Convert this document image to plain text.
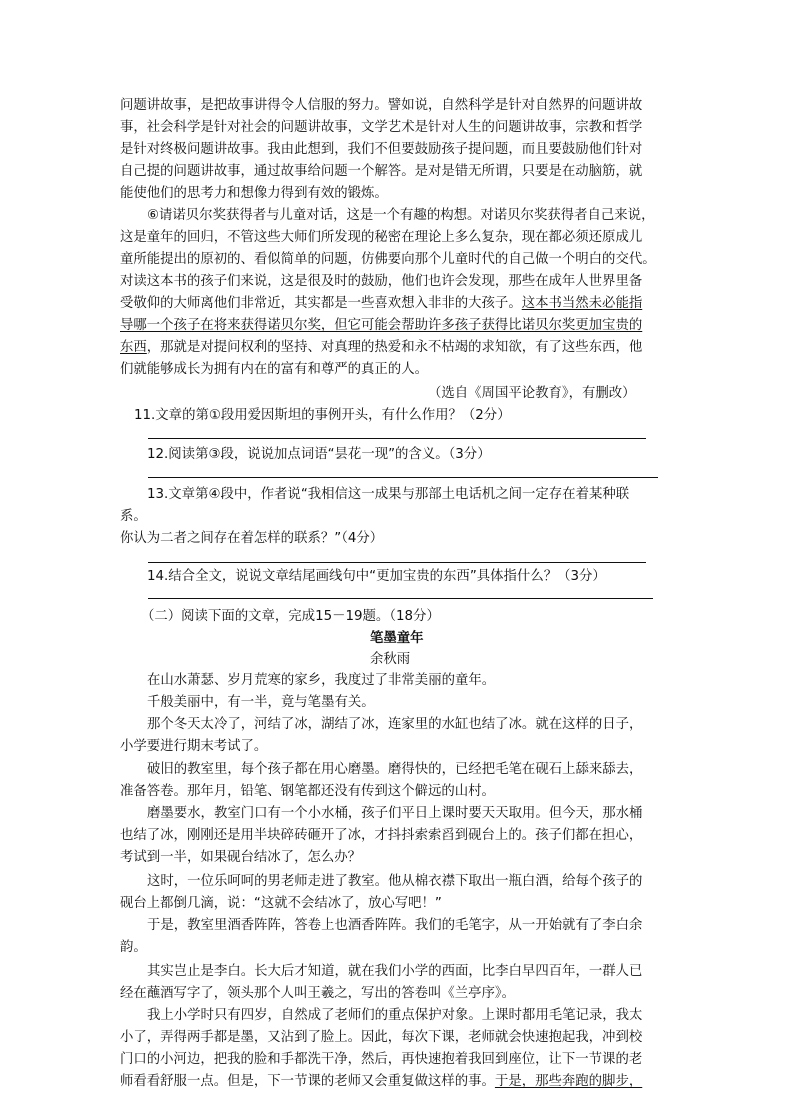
问题讲故事，是把故事讲得令人信服的努力。譬如说，自然科学是针对自然界的问题讲故
事，社会科学是针对社会的问题讲故事，文学艺术是针对人生的问题讲故事，宗教和哲学
是针对终极问题讲故事。我由此想到，我们不但要鼓励孩子提问题，而且要鼓励他们针对
自己提的问题讲故事，通过故事给问题一个解答。是对是错无所谓，只要是在动脑筋，就
能使他们的思考力和想像力得到有效的锻炼。
⑥请诺贝尔奖获得者与儿童对话，这是一个有趣的构想。对诺贝尔奖获得者自己来说，
这是童年的回归，不管这些大师们所发现的秘密在理论上多么复杂，现在都必须还原成儿
童所能提出的原初的、看似简单的问题，仿佛要向那个儿童时代的自己做一个明白的交代。
对读这本书的孩子们来说，这是很及时的鼓励，他们也许会发现，那些在成年人世界里备
受敬仰的大师离他们非常近，其实都是一些喜欢想入非非的大孩子。这本书当然未必能指
导哪一个孩子在将来获得诺贝尔奖，但它可能会帮助许多孩子获得比诺贝尔奖更加宝贵的
东西，那就是对提问权利的坚持、对真理的热爱和永不枯竭的求知欲，有了这些东西，他
们就能够成长为拥有内在的富有和尊严的真正的人。
（选自《周国平论教育》，有删改）
11.文章的第①段用爱因斯坦的事例开头，有什么作用？（2分）
12.阅读第③段，说说加点词语“昙花一现”的含义。（3分）
13.文章第④段中，作者说“我相信这一成果与那部土电话机之间一定存在着某种联
系。
你认为二者之间存在着怎样的联系？”（4分）
14.结合全文，说说文章结尾画线句中“更加宝贵的东西”具体指什么？（3分）
（二）阅读下面的文章，完成15－19题。（18分）
笔墨童年
余秋雨
在山水萧瑟、岁月荒寒的家乡，我度过了非常美丽的童年。
千般美丽中，有一半，竟与笔墨有关。
那个冬天太冷了，河结了冰，湖结了冰，连家里的水缸也结了冰。就在这样的日子，
小学要进行期末考试了。
破旧的教室里，每个孩子都在用心磨墨。磨得快的，已经把毛笔在砚石上舔来舔去，
准备答卷。那年月，铅笔、钢笔都还没有传到这个僻远的山村。
磨墨要水，教室门口有一个小水桶，孩子们平日上课时要天天取用。但今天，那水桶
也结了冰，刚刚还是用半块碎砖砸开了冰，才抖抖索索舀到砚台上的。孩子们都在担心，
考试到一半，如果砚台结冰了，怎么办？
这时，一位乐呵呵的男老师走进了教室。他从棉衣襟下取出一瓶白酒，给每个孩子的
砚台上都倒几滴，说：“这就不会结冰了，放心写吧！”
于是，教室里酒香阵阵，答卷上也酒香阵阵。我们的毛笔字，从一开始就有了李白余
韵。
其实岂止是李白。长大后才知道，就在我们小学的西面，比李白早四百年，一群人已
经在蘸酒写字了，领头那个人叫王羲之，写出的答卷叫《兰亭序》。
我上小学时只有四岁，自然成了老师们的重点保护对象。上课时都用毛笔记录，我太
小了，弄得两手都是墨，又沾到了脸上。因此，每次下课，老师就会快速抱起我，冲到校
门口的小河边，把我的脸和手都洗干净，然后，再快速抱着我回到座位，让下一节课的老
师看看舒服一点。但是，下一节课的老师又会重复做这样的事。于是，那些奔跑的脚步，
